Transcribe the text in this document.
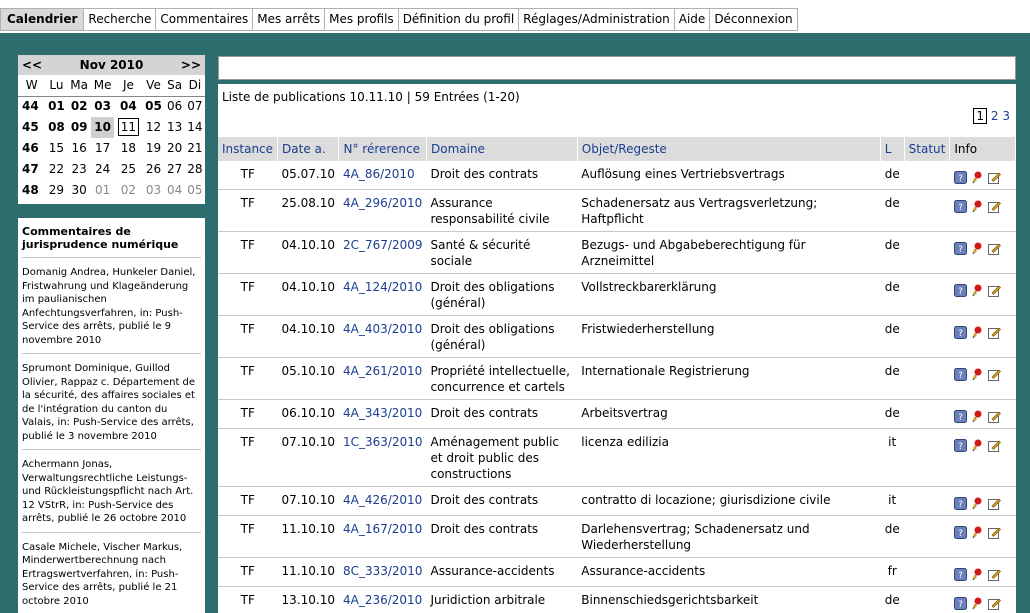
Calendrier Recherche Commentaires Mes arrêts Mes profils Définition du profil Réglages/Administration Aide Déconnexion
<<	Nov 2010	>>
W	Lu	Ma	Me	Je	Ve	Sa	Di
44	01	02	03	04	05	06	07
45	08	09	10	11	12	13	14
46	15	16	17	18	19	20	21
47	22	23	24	25	26	27	28
48	29	30	01	02	03	04	05
Commentaires de jurisprudence numérique
Domanig Andrea, Hunkeler Daniel, Fristwahrung und Klageänderung im paulianischen Anfechtungsverfahren, in: Push-Service des arrêts, publié le 9 novembre 2010
Sprumont Dominique, Guillod Olivier, Rappaz c. Département de la sécurité, des affaires sociales et de l'intégration du canton du Valais, in: Push-Service des arrêts, publié le 3 novembre 2010
Achermann Jonas, Verwaltungsrechtliche Leistungs- und Rückleistungspflicht nach Art. 12 VStrR, in: Push-Service des arrêts, publié le 26 octobre 2010
Casale Michele, Vischer Markus, Minderwertberechnung nach Ertragswertverfahren, in: Push-Service des arrêts, publié le 21 octobre 2010
Liste de publications 10.11.10 | 59 Entrées (1-20)
1 2 3
Instance	Date a.	N° rérerence	Domaine	Objet/Regeste	L	Statut	Info
TF	05.07.10	4A_86/2010	Droit des contrats	Auflösung eines Vertriebsvertrags	de		?

TF	25.08.10	4A_296/2010	Assurance responsabilité civile	Schadenersatz aus Vertragsverletzung; Haftpflicht	de		?

TF	04.10.10	2C_767/2009	Santé & sécurité sociale	Bezugs- und Abgabeberechtigung für Arzneimittel	de		?

TF	04.10.10	4A_124/2010	Droit des obligations (général)	Vollstreckbarerklärung	de		?

TF	04.10.10	4A_403/2010	Droit des obligations (général)	Fristwiederherstellung	de		?

TF	05.10.10	4A_261/2010	Propriété intellectuelle, concurrence et cartels	Internationale Registrierung	de		?

TF	06.10.10	4A_343/2010	Droit des contrats	Arbeitsvertrag	de		?

TF	07.10.10	1C_363/2010	Aménagement public et droit public des constructions	licenza edilizia	it		?

TF	07.10.10	4A_426/2010	Droit des contrats	contratto di locazione; giurisdizione civile	it		?

TF	11.10.10	4A_167/2010	Droit des contrats	Darlehensvertrag; Schadenersatz und Wiederherstellung	de		?

TF	11.10.10	8C_333/2010	Assurance-accidents	Assurance-accidents	fr		?

TF	13.10.10	4A_236/2010	Juridiction arbitrale	Binnenschiedsgerichtsbarkeit	de		?
